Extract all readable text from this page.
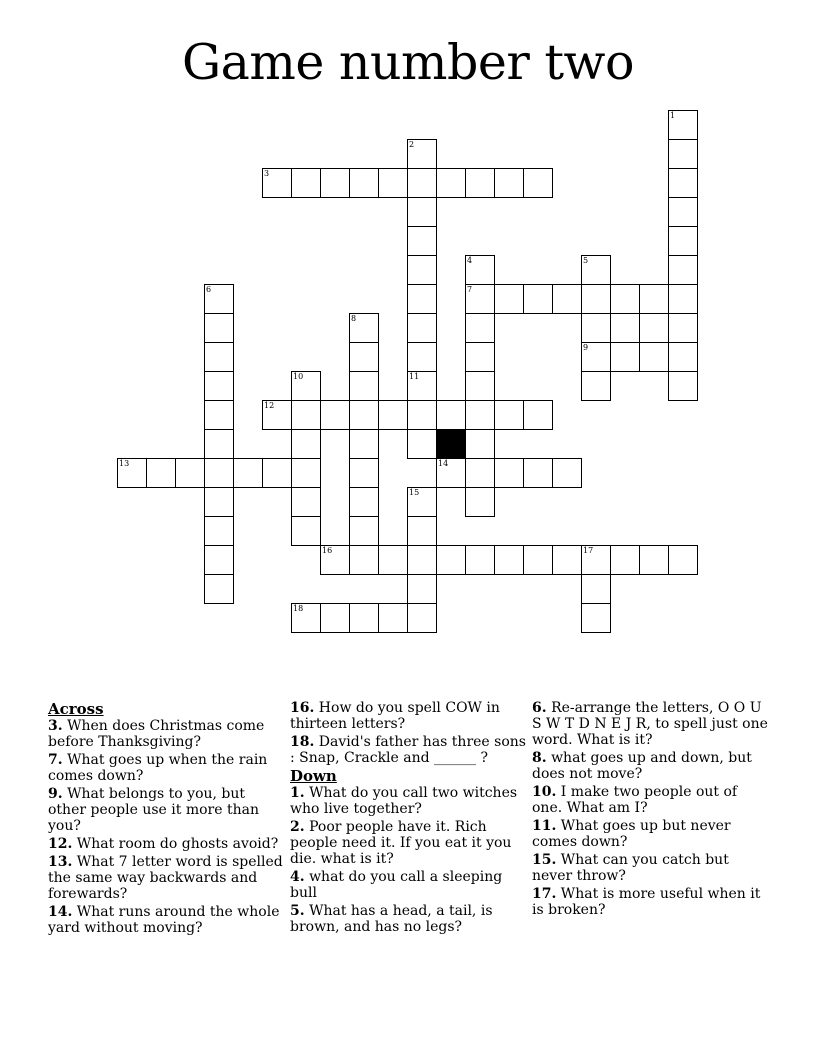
Game number two
3
7
9
12
13	14
16	17
18
1
2
4	5
6
8
10	11
15
Across
3. When does Christmas come before Thanksgiving?
7. What goes up when the rain comes down?
9. What belongs to you, but other people use it more than you?
12. What room do ghosts avoid?
13. What 7 letter word is spelled the same way backwards and forewards?
14. What runs around the whole yard without moving?
16. How do you spell COW in thirteen letters?
18. David's father has three sons : Snap, Crackle and ______ ?
Down
1. What do you call two witches who live together?
2. Poor people have it. Rich people need it. If you eat it you die. what is it?
4. what do you call a sleeping bull
5. What has a head, a tail, is brown, and has no legs?
6. Re-arrange the letters, O O U S W T D N E J R, to spell just one word. What is it?
8. what goes up and down, but does not move?
10. I make two people out of one. What am I?
11. What goes up but never comes down?
15. What can you catch but never throw?
17. What is more useful when it is broken?
